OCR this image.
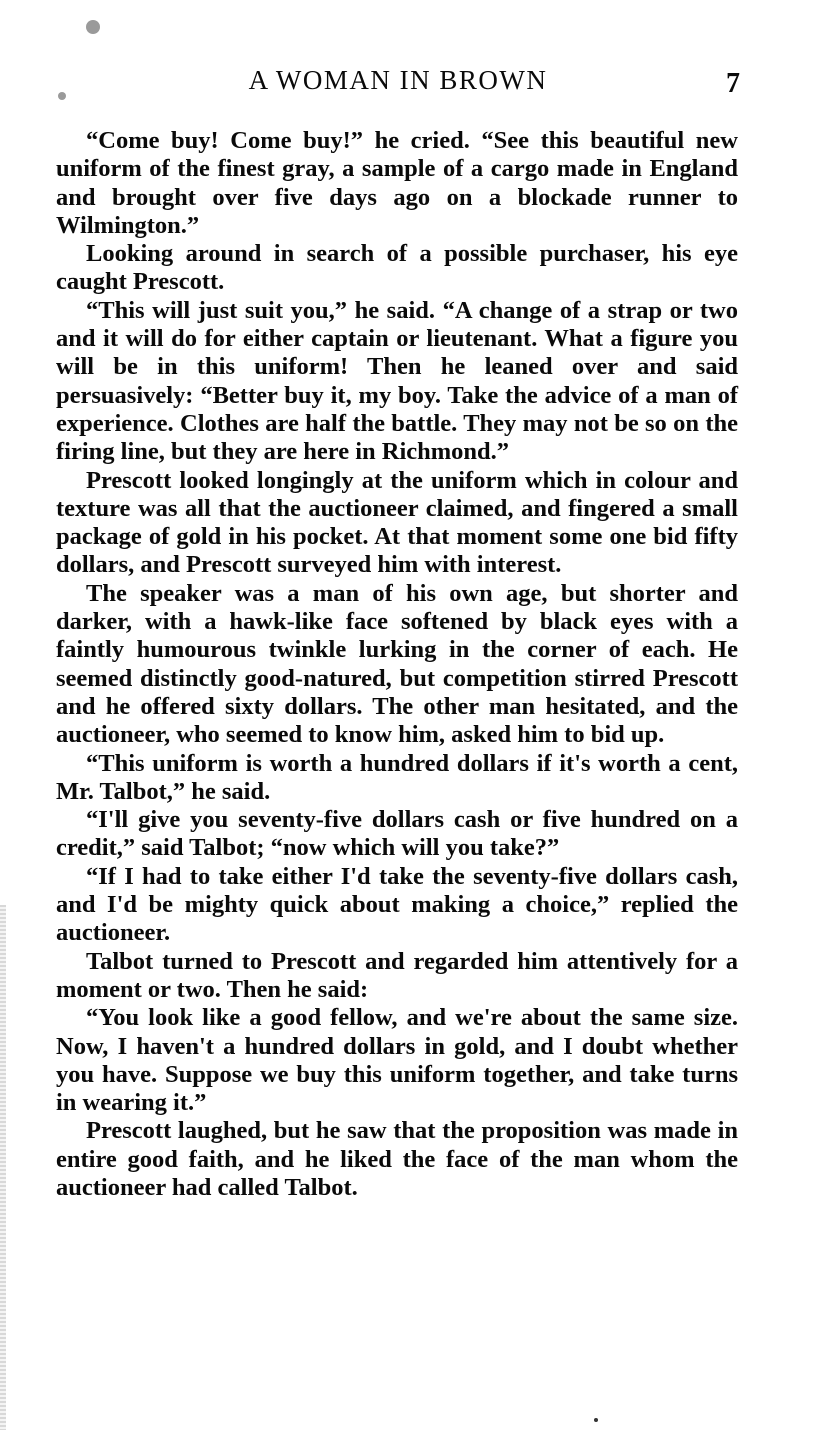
A WOMAN IN BROWN	7

“Come buy! Come buy!” he cried. “See this beautiful new uniform of the finest gray, a sample of a cargo made in England and brought over five days ago on a blockade runner to Wilmington.”

Looking around in search of a possible purchaser, his eye caught Prescott.

“This will just suit you,” he said. “A change of a strap or two and it will do for either captain or lieutenant. What a figure you will be in this uniform! Then he leaned over and said persuasively: “Better buy it, my boy. Take the advice of a man of experience. Clothes are half the battle. They may not be so on the firing line, but they are here in Richmond.”

Prescott looked longingly at the uniform which in colour and texture was all that the auctioneer claimed, and fingered a small package of gold in his pocket. At that moment some one bid fifty dollars, and Prescott surveyed him with interest.

The speaker was a man of his own age, but shorter and darker, with a hawk-like face softened by black eyes with a faintly humourous twinkle lurking in the corner of each. He seemed distinctly good-natured, but competition stirred Prescott and he offered sixty dollars. The other man hesitated, and the auctioneer, who seemed to know him, asked him to bid up.

“This uniform is worth a hundred dollars if it's worth a cent, Mr. Talbot,” he said.

“I'll give you seventy-five dollars cash or five hundred on a credit,” said Talbot; “now which will you take?”

“If I had to take either I'd take the seventy-five dollars cash, and I'd be mighty quick about making a choice,” replied the auctioneer.

Talbot turned to Prescott and regarded him attentively for a moment or two. Then he said:

“You look like a good fellow, and we're about the same size. Now, I haven't a hundred dollars in gold, and I doubt whether you have. Suppose we buy this uniform together, and take turns in wearing it.”

Prescott laughed, but he saw that the proposition was made in entire good faith, and he liked the face of the man whom the auctioneer had called Talbot.
